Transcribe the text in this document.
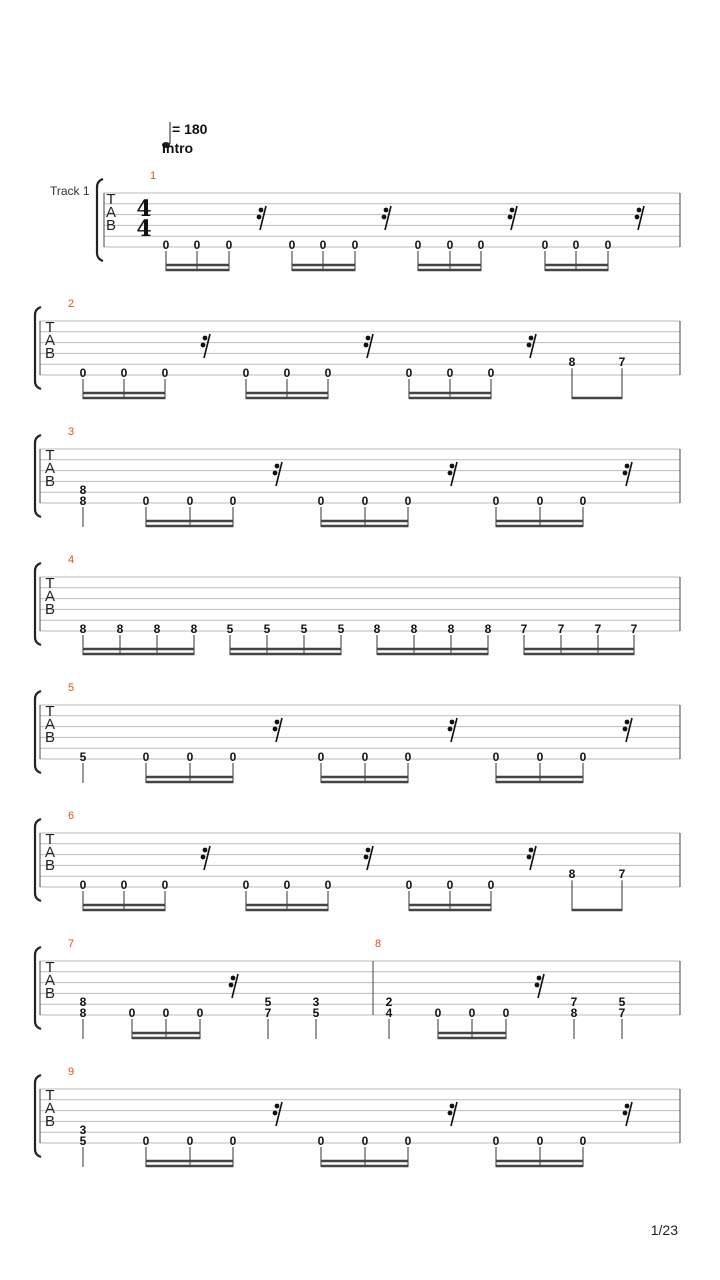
T
A
B
4
4
T
A
B
T
A
B
T
A
B
T
A
B
T
A
B
T
A
B
T
A
B
1
0 0 0	0 0 0	0 0 0	0 0 0
2
0	0	0	0	0	0	0	0	0
8	7
3
8
8	0	0	0	0	0	0	0	0	0
4
8	8	8	8 5	5	5	5 8	8	8	8 7	7	7 7
5
5	0	0	0	0	0	0	0	0	0
6
0	0	0	0	0	0	0	0	0
8	7
7
8
8	0 0 0
5
7
3
5
8
2
4	0 0 0
7
8
5
7
9
3
5	0	0	0	0	0	0	0	0	0
= 180
Intro
Track 1
1/23
